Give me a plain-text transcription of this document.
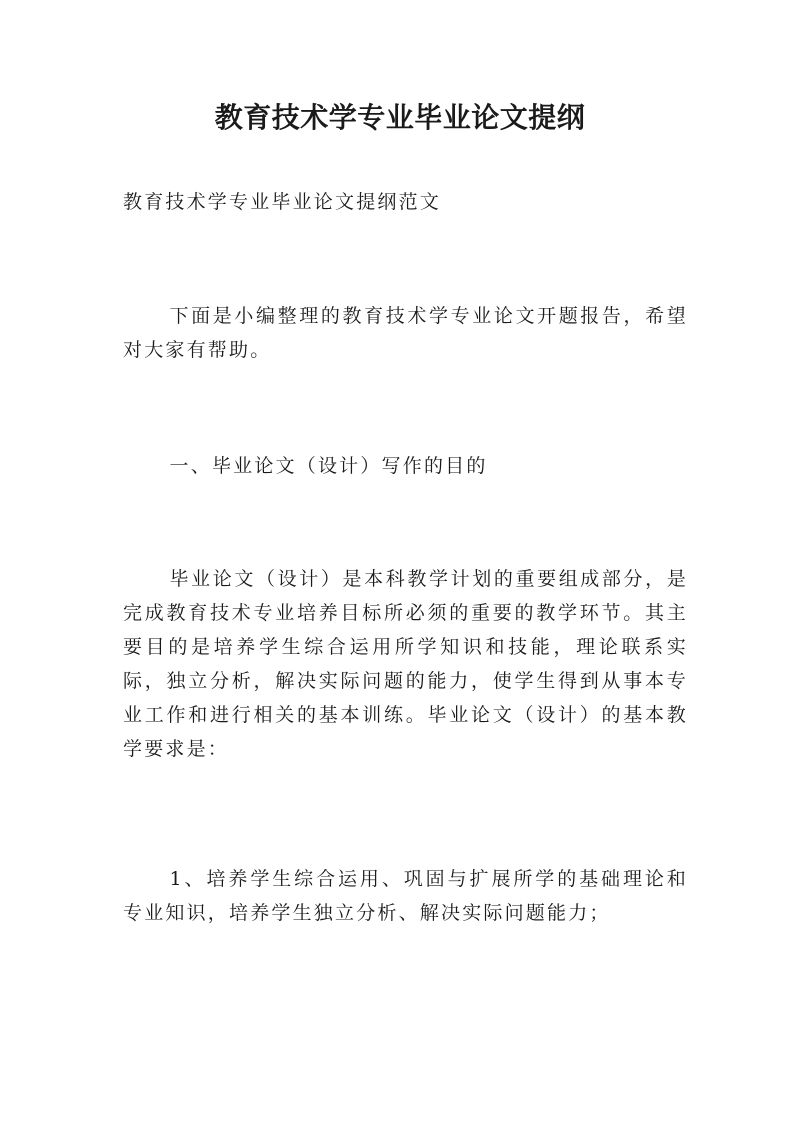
教育技术学专业毕业论文提纲

教育技术学专业毕业论文提纲范文

下面是小编整理的教育技术学专业论文开题报告，希望对大家有帮助。

一、毕业论文（设计）写作的目的

毕业论文（设计）是本科教学计划的重要组成部分，是完成教育技术专业培养目标所必须的重要的教学环节。其主要目的是培养学生综合运用所学知识和技能，理论联系实际，独立分析，解决实际问题的能力，使学生得到从事本专业工作和进行相关的基本训练。毕业论文（设计）的基本教学要求是：

1、培养学生综合运用、巩固与扩展所学的基础理论和专业知识，培养学生独立分析、解决实际问题能力；
